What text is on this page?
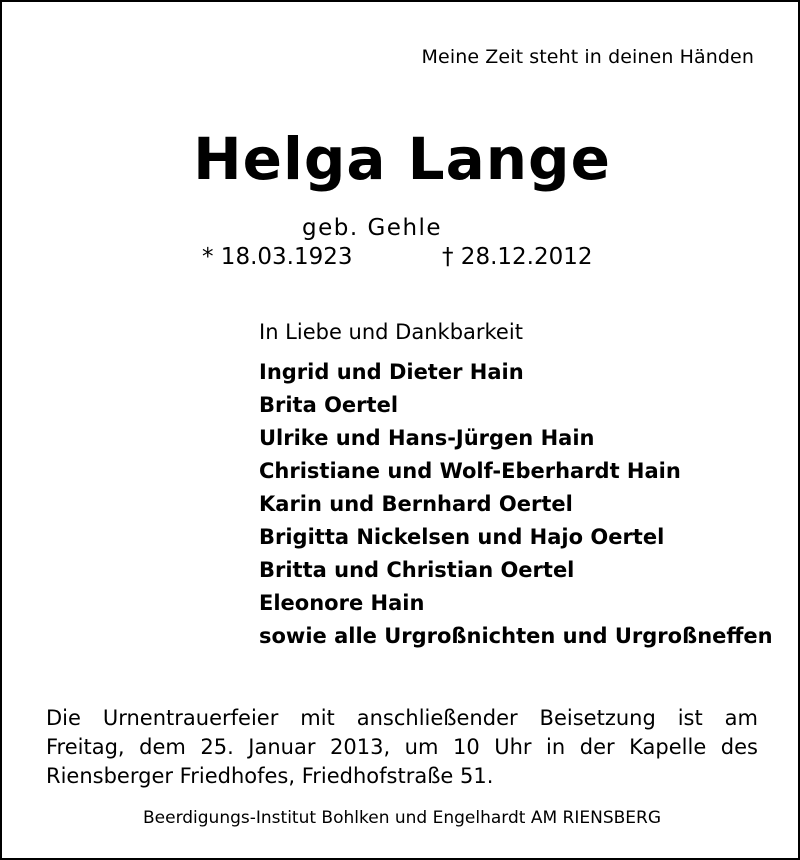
Meine Zeit steht in deinen Händen
Helga Lange
geb. Gehle
* 18.03.1923	† 28.12.2012
In Liebe und Dankbarkeit
Ingrid und Dieter Hain
Brita Oertel
Ulrike und Hans-Jürgen Hain
Christiane und Wolf-Eberhardt Hain
Karin und Bernhard Oertel
Brigitta Nickelsen und Hajo Oertel
Britta und Christian Oertel
Eleonore Hain
sowie alle Urgroßnichten und Urgroßneffen
Die Urnentrauerfeier mit anschließender Beisetzung ist am
Freitag, dem 25. Januar 2013, um 10 Uhr in der Kapelle des
Riensberger Friedhofes, Friedhofstraße 51.
Beerdigungs-Institut Bohlken und Engelhardt AM RIENSBERG
